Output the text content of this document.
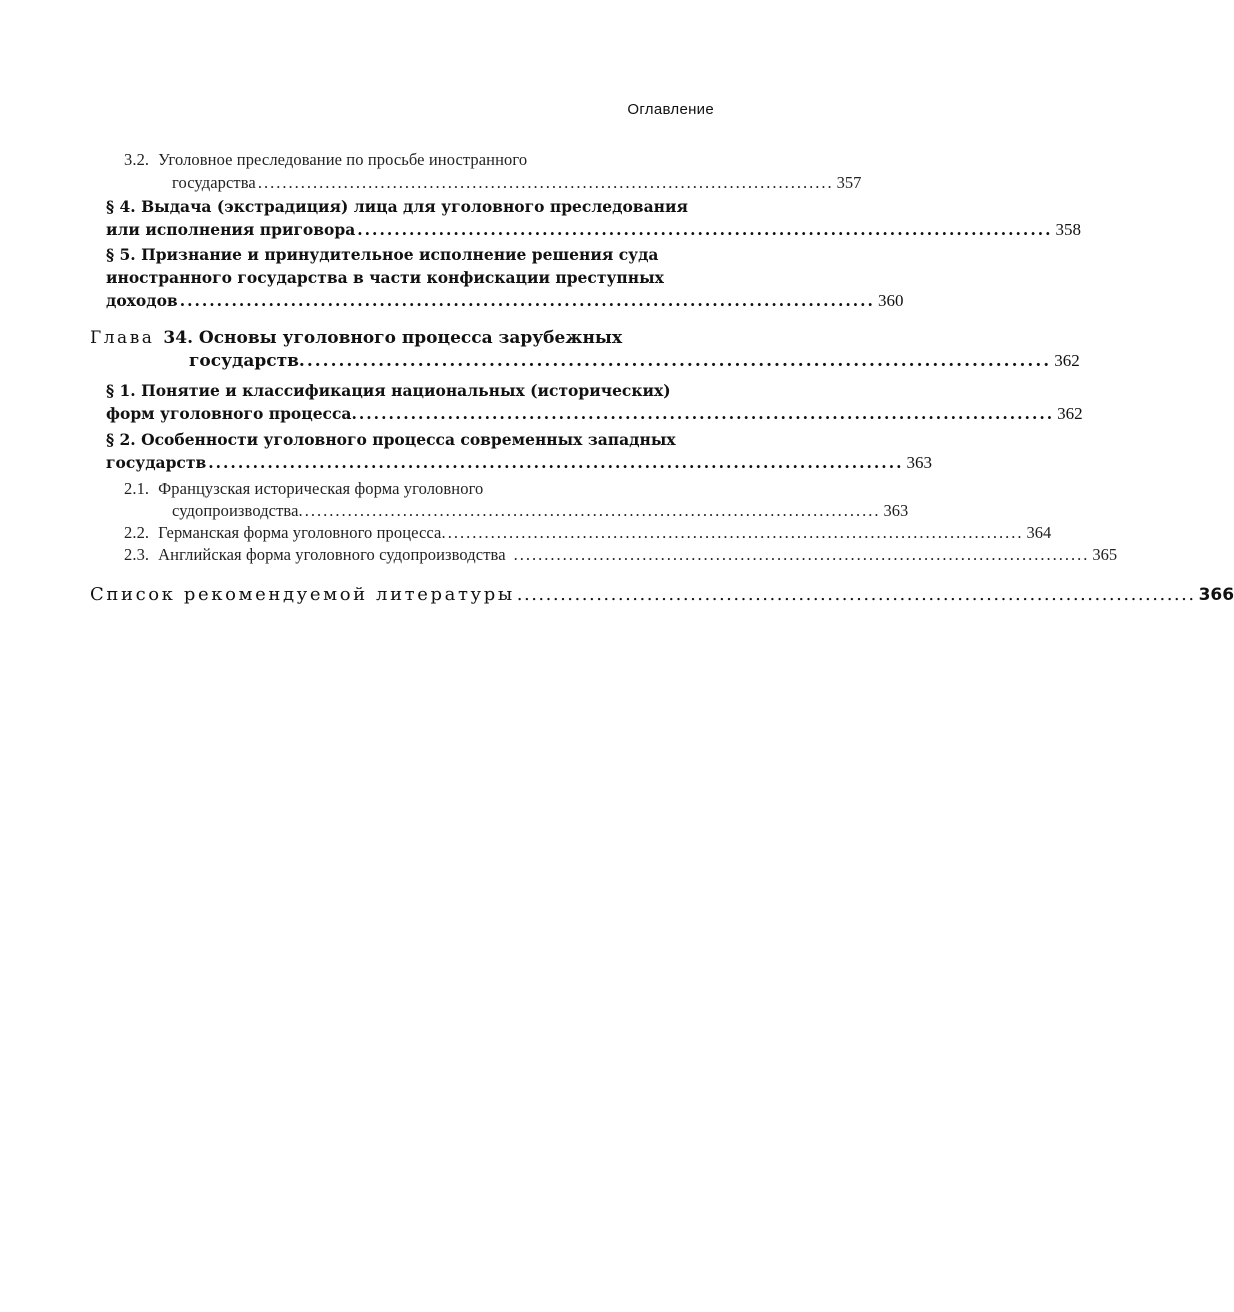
Оглавление
3.2. Уголовное преследование по просьбе иностранного
государства .............................................................................................. 357
§ 4. Выдача (экстрадиция) лица для уголовного преследования
или исполнения приговора .............................................................................................. 358
§ 5. Признание и принудительное исполнение решения суда
иностранного государства в части конфискации преступных
доходов .............................................................................................. 360
Глава 34. Основы уголовного процесса зарубежных
государств. .............................................................................................. 362
§ 1. Понятие и классификация национальных (исторических)
форм уголовного процесса. .............................................................................................. 362
§ 2. Особенности уголовного процесса современных западных
государств .............................................................................................. 363
2.1. Французская историческая форма уголовного
судопроизводства. .............................................................................................. 363
2.2. Германская форма уголовного процесса. .............................................................................................. 364
2.3. Английская форма уголовного судопроизводства .............................................................................................. 365
Список рекомендуемой литературы .............................................................................................. 366
